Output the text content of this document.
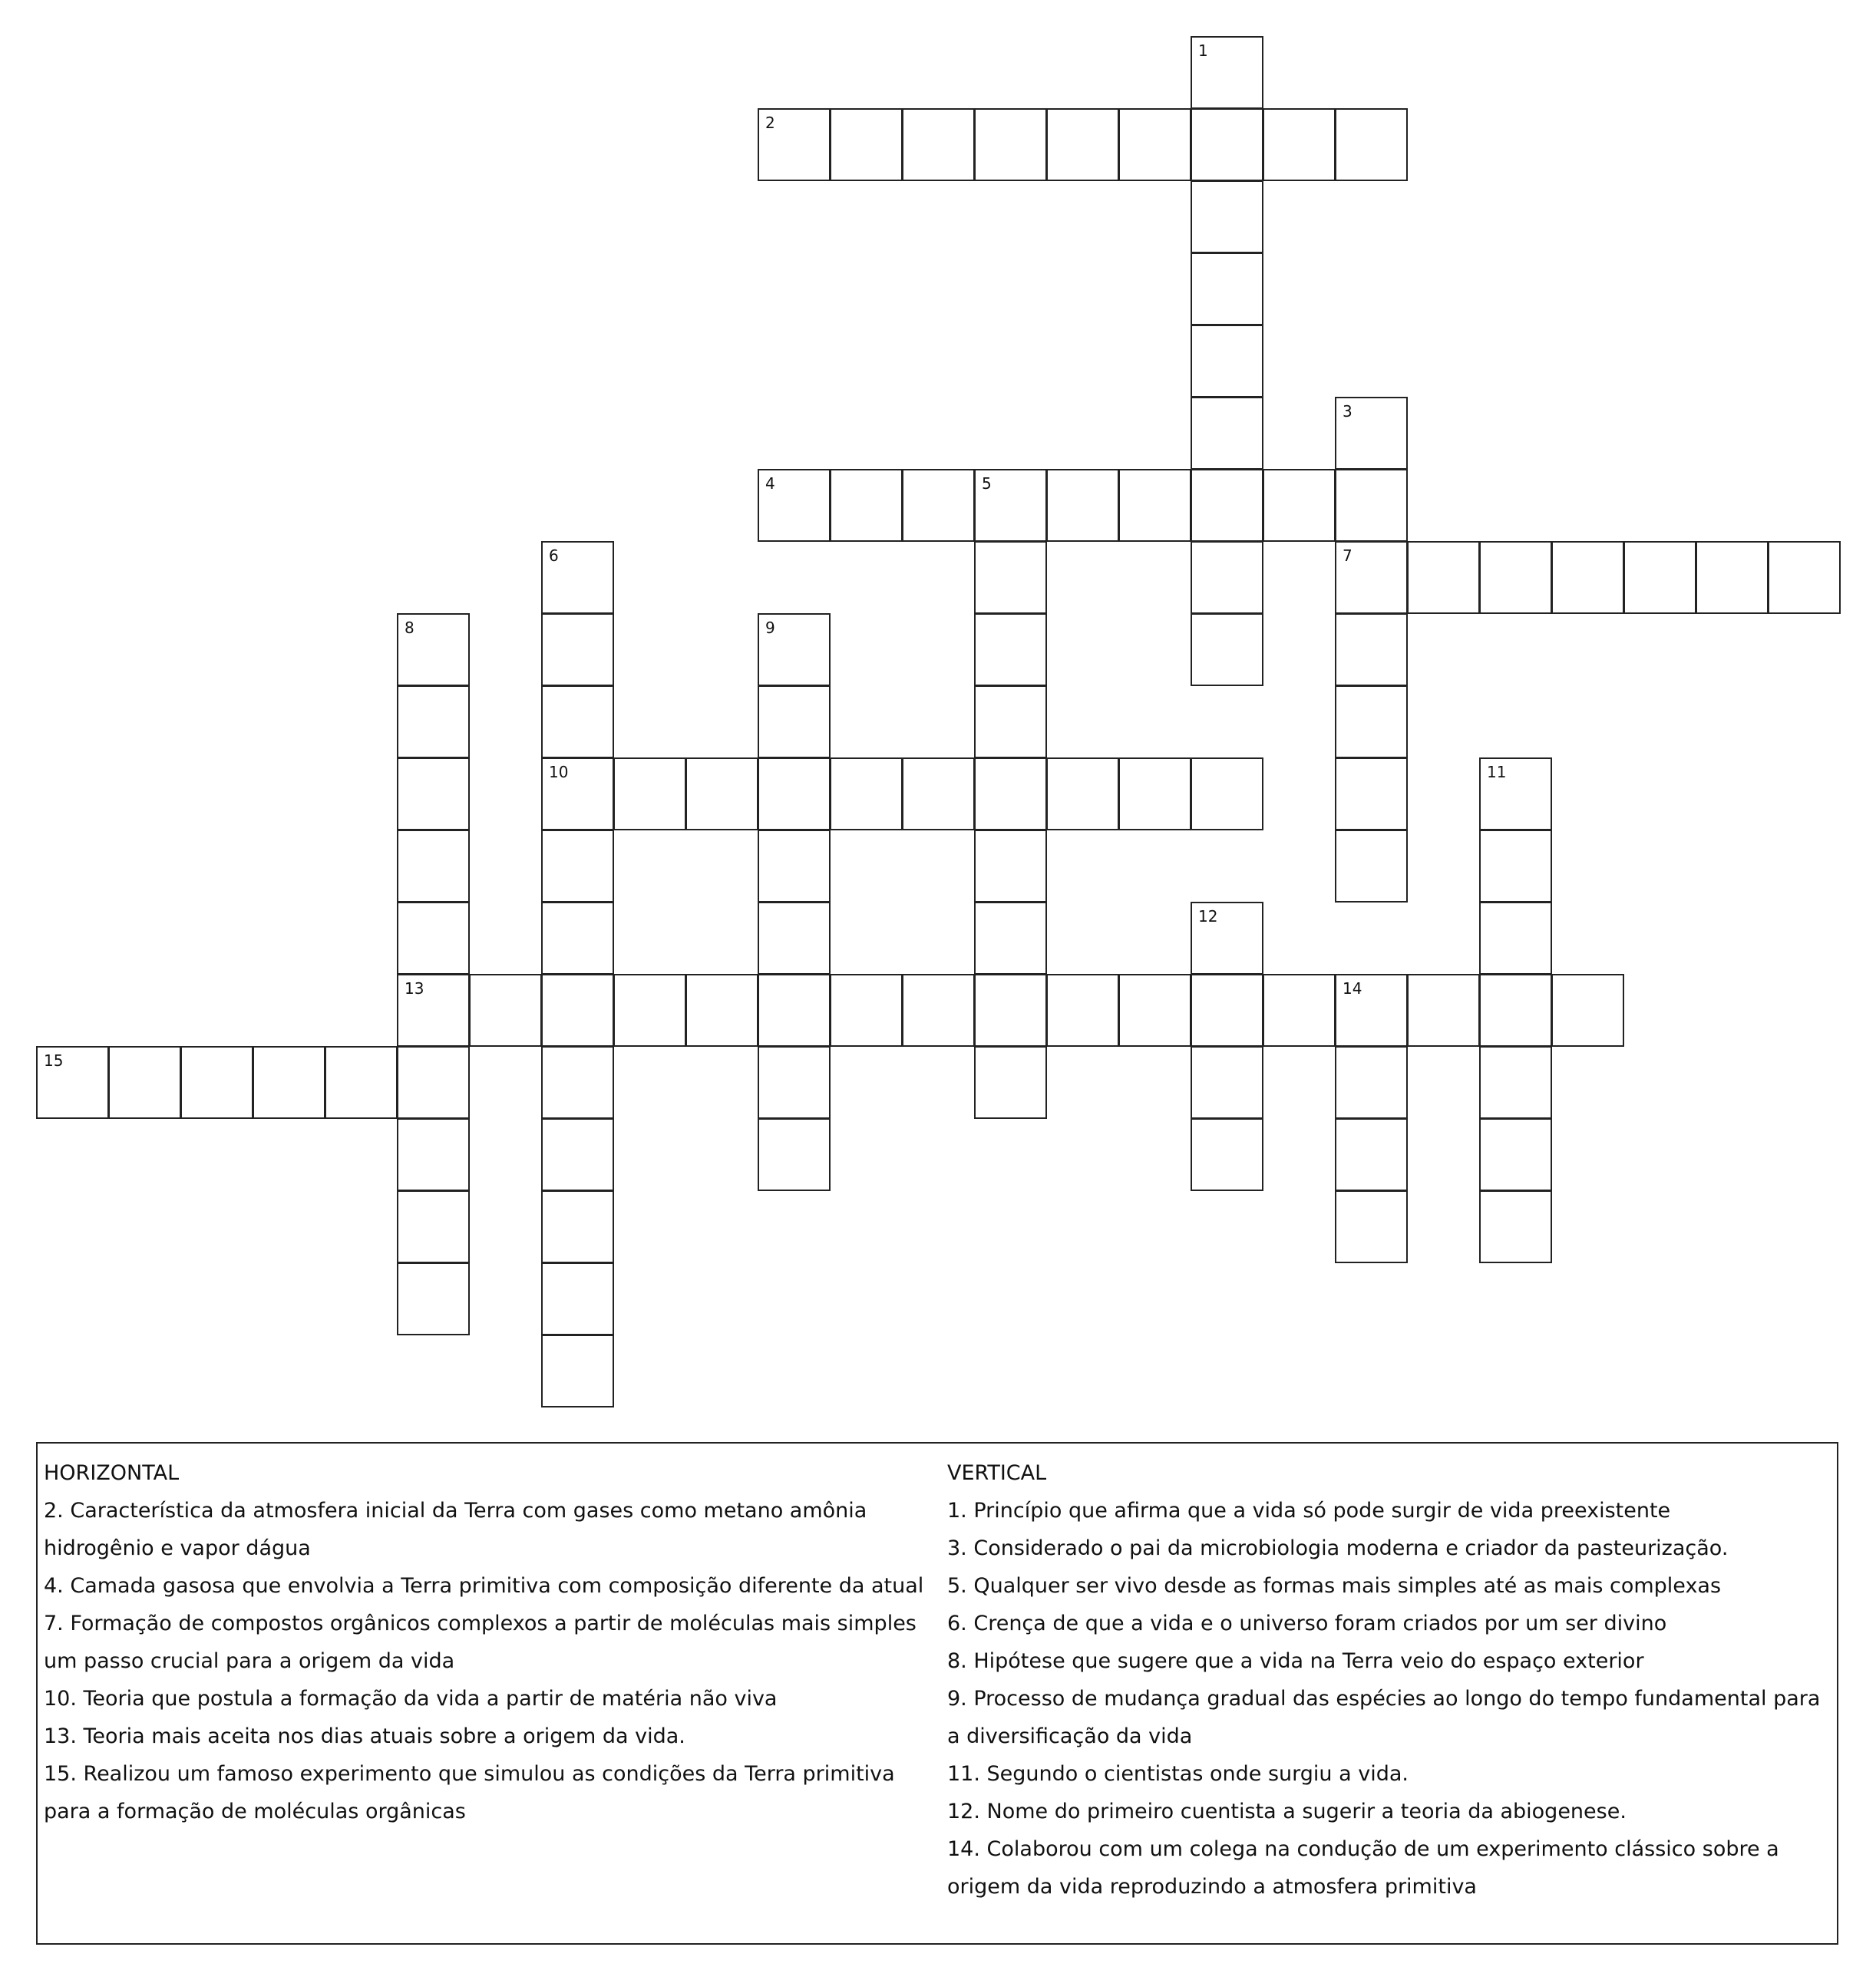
1
2
3
7
4	5
6
10
8
13
9
11
12
14
15

HORIZONTAL

2. Característica da atmosfera inicial da Terra com gases como metano amônia hidrogênio e vapor dágua

4. Camada gasosa que envolvia a Terra primitiva com composição diferente da atual

7. Formação de compostos orgânicos complexos a partir de moléculas mais simples um passo crucial para a origem da vida

10. Teoria que postula a formação da vida a partir de matéria não viva

13. Teoria mais aceita nos dias atuais sobre a origem da vida.

15. Realizou um famoso experimento que simulou as condições da Terra primitiva para a formação de moléculas orgânicas

VERTICAL

1. Princípio que afirma que a vida só pode surgir de vida preexistente

3. Considerado o pai da microbiologia moderna e criador da pasteurização.

5. Qualquer ser vivo desde as formas mais simples até as mais complexas

6. Crença de que a vida e o universo foram criados por um ser divino

8. Hipótese que sugere que a vida na Terra veio do espaço exterior

9. Processo de mudança gradual das espécies ao longo do tempo fundamental para a diversificação da vida

11. Segundo o cientistas onde surgiu a vida.

12. Nome do primeiro cuentista a sugerir a teoria da abiogenese.

14. Colaborou com um colega na condução de um experimento clássico sobre a origem da vida reproduzindo a atmosfera primitiva
